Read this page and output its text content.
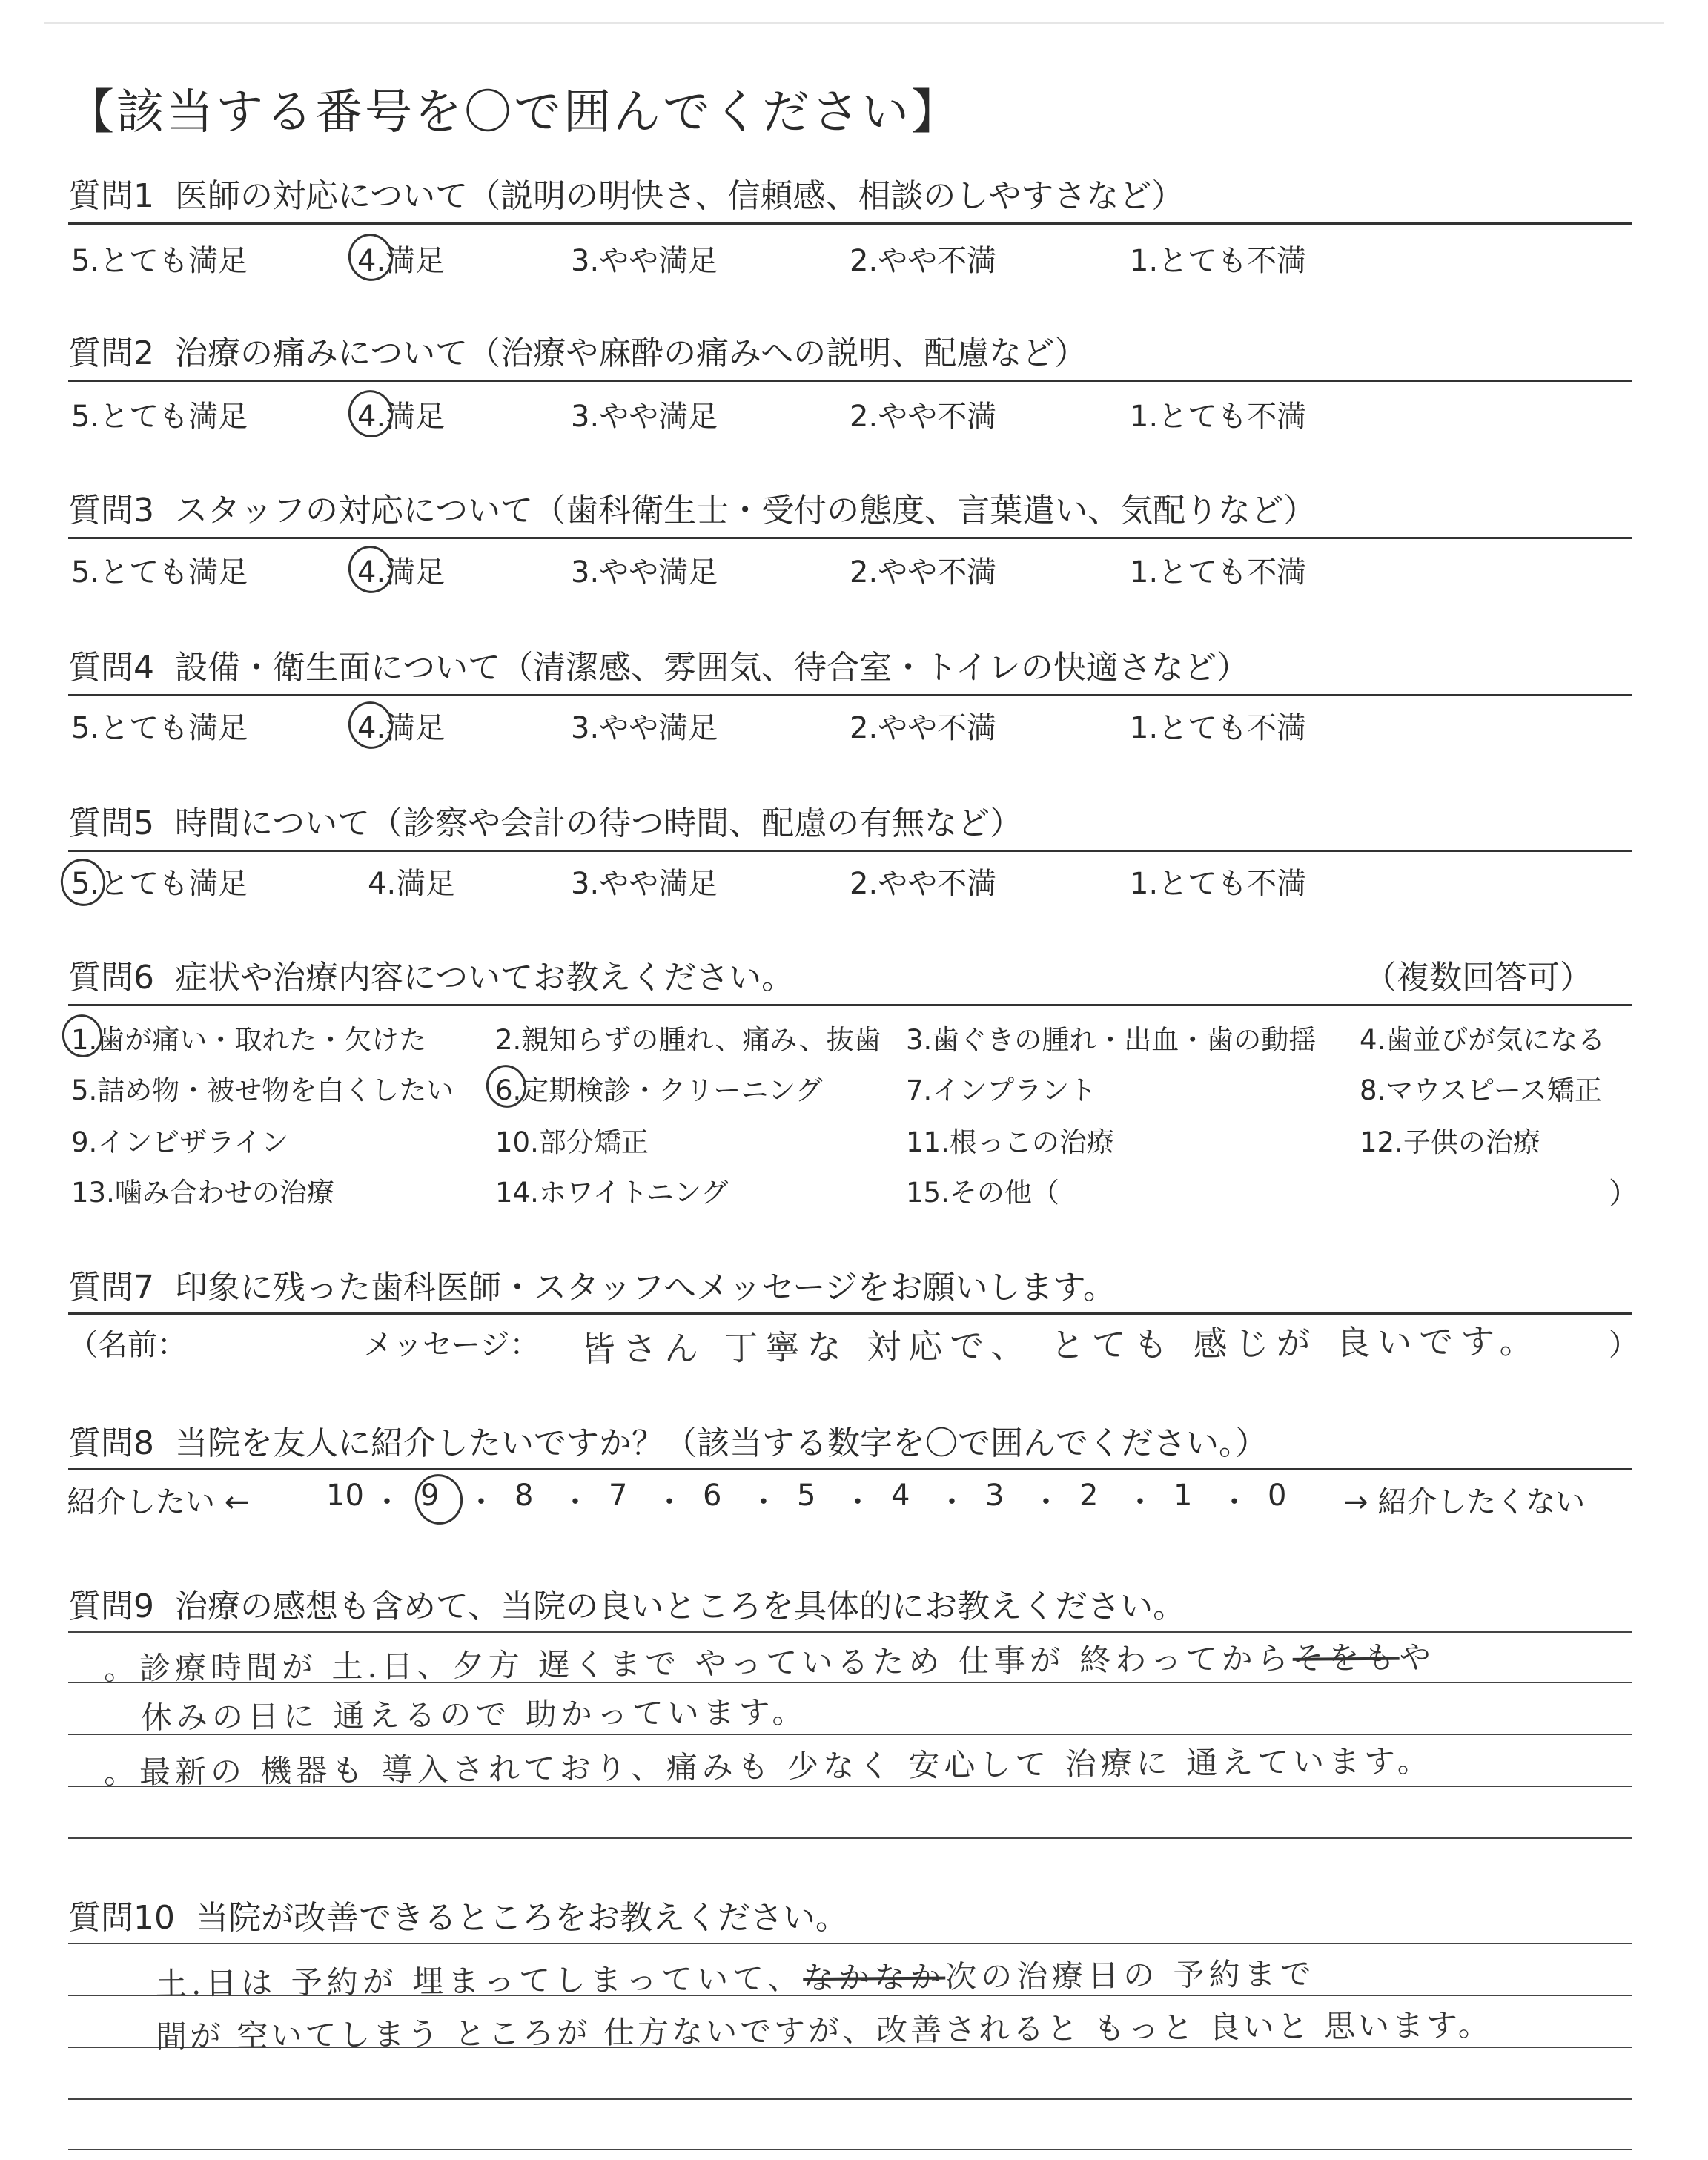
【該当する番号を〇で囲んでください】
質問1 医師の対応について（説明の明快さ、信頼感、相談のしやすさなど）
5.とても満足	4.満足	3.やや満足	2.やや不満	1.とても不満
質問2 治療の痛みについて（治療や麻酔の痛みへの説明、配慮など）
5.とても満足	4.満足	3.やや満足	2.やや不満	1.とても不満
質問3 スタッフの対応について（歯科衛生士・受付の態度、言葉遣い、気配りなど）
5.とても満足	4.満足	3.やや満足	2.やや不満	1.とても不満
質問4 設備・衛生面について（清潔感、雰囲気、待合室・トイレの快適さなど）
5.とても満足	4.満足	3.やや満足	2.やや不満	1.とても不満
質問5 時間について（診察や会計の待つ時間、配慮の有無など）
5.とても満足	4.満足	3.やや満足	2.やや不満	1.とても不満
質問6 症状や治療内容についてお教えください。	（複数回答可）
1.歯が痛い・取れた・欠けた	2.親知らずの腫れ、痛み、抜歯 3.歯ぐきの腫れ・出血・歯の動揺 4.歯並びが気になる
5.詰め物・被せ物を白くしたい 6.定期検診・クリーニング	7.インプラント	8.マウスピース矯正
9.インビザライン	10.部分矯正	11.根っこの治療	12.子供の治療
13.噛み合わせの治療	14.ホワイトニング	15.その他（	）
質問7 印象に残った歯科医師・スタッフへメッセージをお願いします。
（名前：	メッセージ： 皆さん 丁寧な 対応で、 とても 感じが 良いです。 ）
質問8 当院を友人に紹介したいですか？（該当する数字を〇で囲んでください。）
紹介したい ←	→ 紹介したくない
10 ・ 9 ・ 8 ・ 7 ・ 6 ・ 5 ・ 4 ・ 3 ・ 2 ・ 1 ・ 0
質問9 治療の感想も含めて、当院の良いところを具体的にお教えください。
。診療時間が 土.日、夕方 遅くまで やっているため 仕事が 終わってからそをもや
休みの日に 通えるので 助かっています。
。最新の 機器も 導入されており、痛みも 少なく 安心して 治療に 通えています。
質問10 当院が改善できるところをお教えください。
土.日は 予約が 埋まってしまっていて、なかなか次の治療日の 予約まで
間が 空いてしまう ところが 仕方ないですが、改善されると もっと 良いと 思います。
